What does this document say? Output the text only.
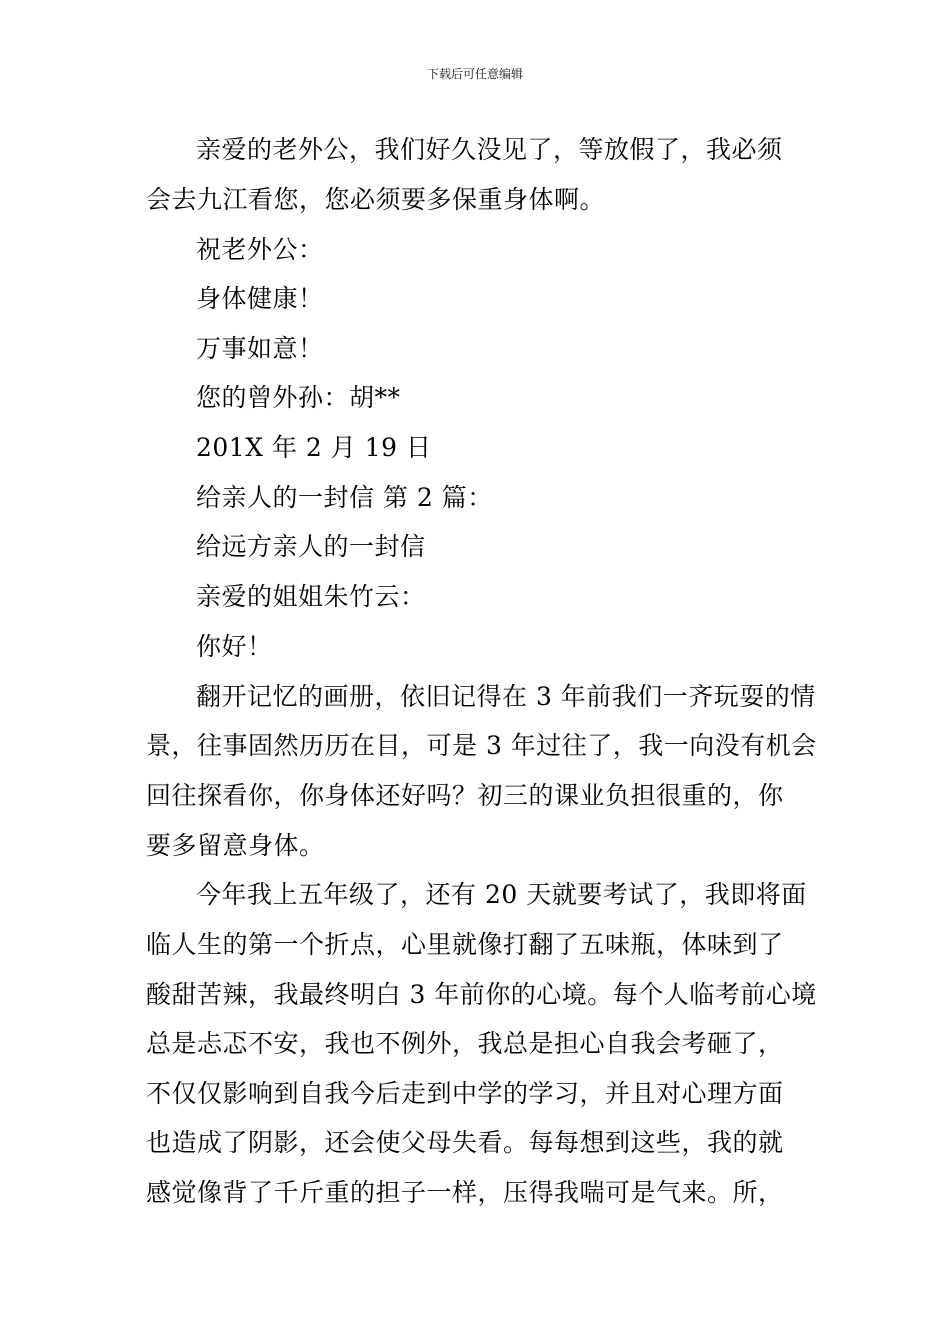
下载后可任意编辑
亲爱的老外公，我们好久没见了，等放假了，我必须
会去九江看您，您必须要多保重身体啊。
祝老外公：
身体健康！
万事如意！
您的曾外孙：胡**
201X 年 2 月 19 日
给亲人的一封信 第 2 篇：
给远方亲人的一封信
亲爱的姐姐朱竹云：
你好！
翻开记忆的画册，依旧记得在 3 年前我们一齐玩耍的情
景，往事固然历历在目，可是 3 年过往了，我一向没有机会
回往探看你，你身体还好吗？初三的课业负担很重的，你
要多留意身体。
今年我上五年级了，还有 20 天就要考试了，我即将面
临人生的第一个折点，心里就像打翻了五味瓶，体味到了
酸甜苦辣，我最终明白 3 年前你的心境。每个人临考前心境
总是忐忑不安，我也不例外，我总是担心自我会考砸了，
不仅仅影响到自我今后走到中学的学习，并且对心理方面
也造成了阴影，还会使父母失看。每每想到这些，我的就
感觉像背了千斤重的担子一样，压得我喘可是气来。所，
